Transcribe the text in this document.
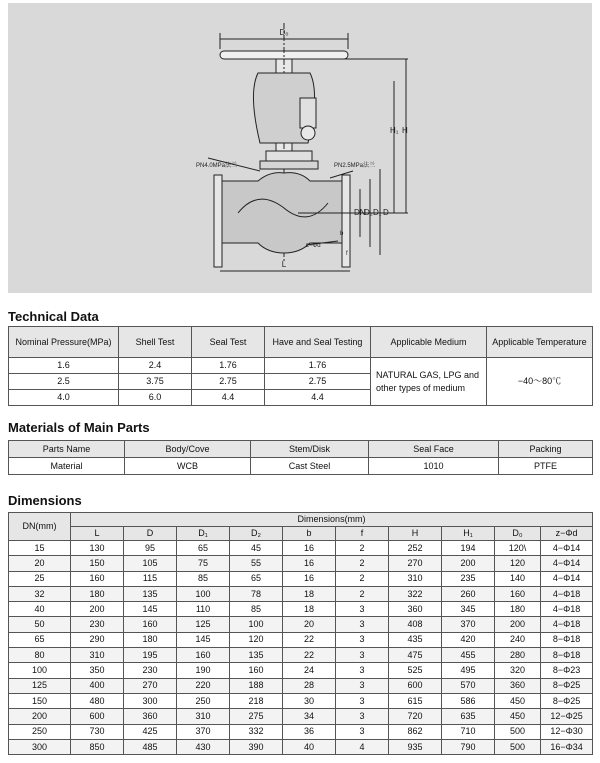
D₀
H₁ H
PN4.0MPa法兰	PN2.5MPa法兰
DN
D₂ D₁ D
z−Φd
b
f
L
Technical Data
Nominal Pressure(MPa)	Shell Test	Seal Test	Have and Seal Testing	Applicable Medium	Applicable Temperature
1.6	2.4	1.76	1.76	NATURAL GAS, LPG and other types of medium	−40～80℃
2.5	3.75	2.75	2.75		
4.0	6.0	4.4	4.4		
Materials of Main Parts
Parts Name	Body/Cove	Stem/Disk	Seal Face	Packing
Material	WCB	Cast Steel	1010	PTFE
Dimensions
DN(mm)	Dimensions(mm)									
	L	D	D₁	D₂	b	f	H	H₁	D₀	z−Φd
15	130	95	65	45	16	2	252	194	120\	4−Φ14
20	150	105	75	55	16	2	270	200	120	4−Φ14
25	160	115	85	65	16	2	310	235	140	4−Φ14
32	180	135	100	78	18	2	322	260	160	4−Φ18
40	200	145	110	85	18	3	360	345	180	4−Φ18
50	230	160	125	100	20	3	408	370	200	4−Φ18
65	290	180	145	120	22	3	435	420	240	8−Φ18
80	310	195	160	135	22	3	475	455	280	8−Φ18
100	350	230	190	160	24	3	525	495	320	8−Φ23
125	400	270	220	188	28	3	600	570	360	8−Φ25
150	480	300	250	218	30	3	615	586	450	8−Φ25
200	600	360	310	275	34	3	720	635	450	12−Φ25
250	730	425	370	332	36	3	862	710	500	12−Φ30
300	850	485	430	390	40	4	935	790	500	16−Φ34
